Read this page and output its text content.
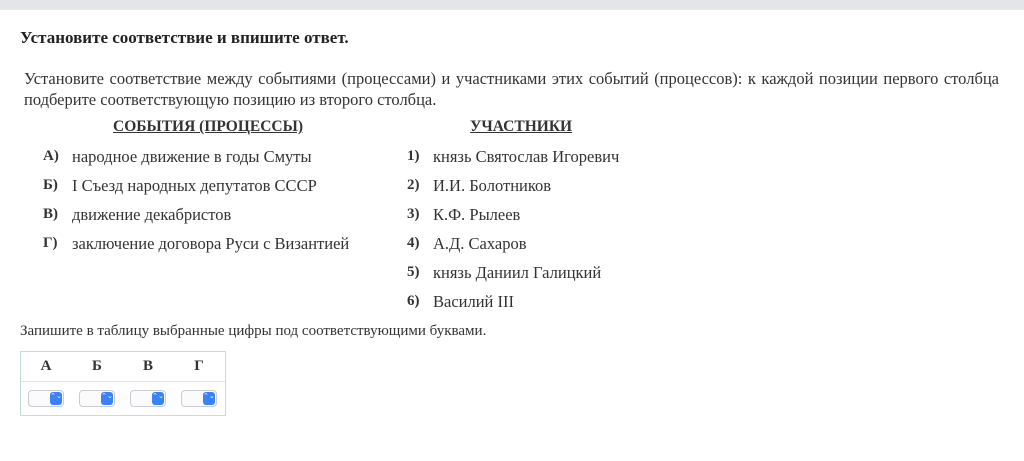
Установите соответствие и впишите ответ.
Установите соответствие между событиями (процессами) и участниками этих событий (процессов): к каждой позиции первого столбца подберите соответствующую позицию из второго столбца.
СОБЫТИЯ (ПРОЦЕССЫ)	УЧАСТНИКИ
А) народное движение в годы Смуты
Б) I Съезд народных депутатов СССР
В) движение декабристов
Г) заключение договора Руси с Византией
1) князь Святослав Игоревич
2) И.И. Болотников
3) К.Ф. Рылеев
4) А.Д. Сахаров
5) князь Даниил Галицкий
6) Василий III
Запишите в таблицу выбранные цифры под соответствующими буквами.
А	Б	В	Г
⌃⌄	⌃⌄	⌃⌄	⌃⌄
